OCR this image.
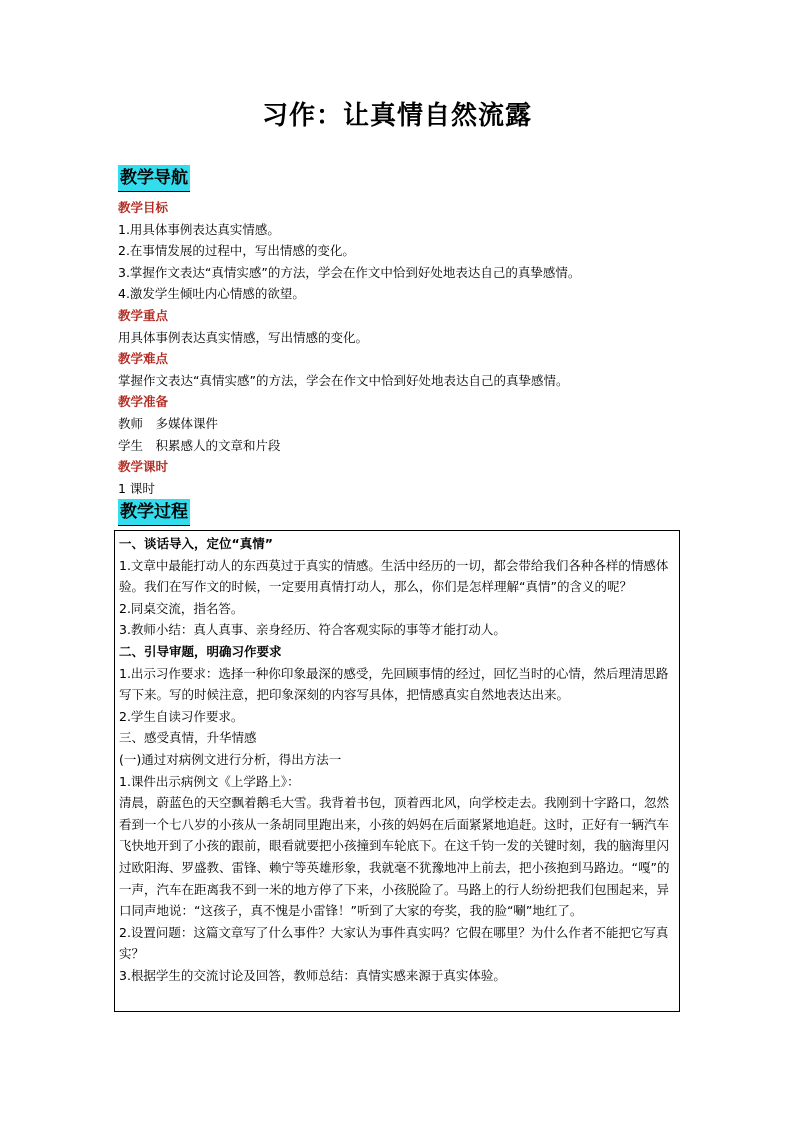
习作：让真情自然流露
教学导航
教学目标
1.用具体事例表达真实情感。
2.在事情发展的过程中，写出情感的变化。
3.掌握作文表达“真情实感”的方法，学会在作文中恰到好处地表达自己的真挚感情。
4.激发学生倾吐内心情感的欲望。
教学重点
用具体事例表达真实情感，写出情感的变化。
教学难点
掌握作文表达“真情实感”的方法，学会在作文中恰到好处地表达自己的真挚感情。
教学准备
教师　多媒体课件
学生　积累感人的文章和片段
教学课时
1 课时
教学过程
一、谈话导入，定位“真情”
1.文章中最能打动人的东西莫过于真实的情感。生活中经历的一切，都会带给我们各种各样的情感体验。我们在写作文的时候，一定要用真情打动人，那么，你们是怎样理解“真情”的含义的呢？
2.同桌交流，指名答。
3.教师小结：真人真事、亲身经历、符合客观实际的事等才能打动人。
二、引导审题，明确习作要求
1.出示习作要求：选择一种你印象最深的感受，先回顾事情的经过，回忆当时的心情，然后理清思路写下来。写的时候注意，把印象深刻的内容写具体，把情感真实自然地表达出来。
2.学生自读习作要求。
三、感受真情，升华情感
(一)通过对病例文进行分析，得出方法一
1.课件出示病例文《上学路上》：
清晨，蔚蓝色的天空飘着鹅毛大雪。我背着书包，顶着西北风，向学校走去。我刚到十字路口，忽然看到一个七八岁的小孩从一条胡同里跑出来，小孩的妈妈在后面紧紧地追赶。这时，正好有一辆汽车飞快地开到了小孩的跟前，眼看就要把小孩撞到车轮底下。在这千钧一发的关键时刻，我的脑海里闪过欧阳海、罗盛教、雷锋、赖宁等英雄形象，我就毫不犹豫地冲上前去，把小孩抱到马路边。“嘎”的一声，汽车在距离我不到一米的地方停了下来，小孩脱险了。马路上的行人纷纷把我们包围起来，异口同声地说：“这孩子，真不愧是小雷锋！”听到了大家的夸奖，我的脸“唰”地红了。
2.设置问题：这篇文章写了什么事件？大家认为事件真实吗？它假在哪里？为什么作者不能把它写真实？
3.根据学生的交流讨论及回答，教师总结：真情实感来源于真实体验。
